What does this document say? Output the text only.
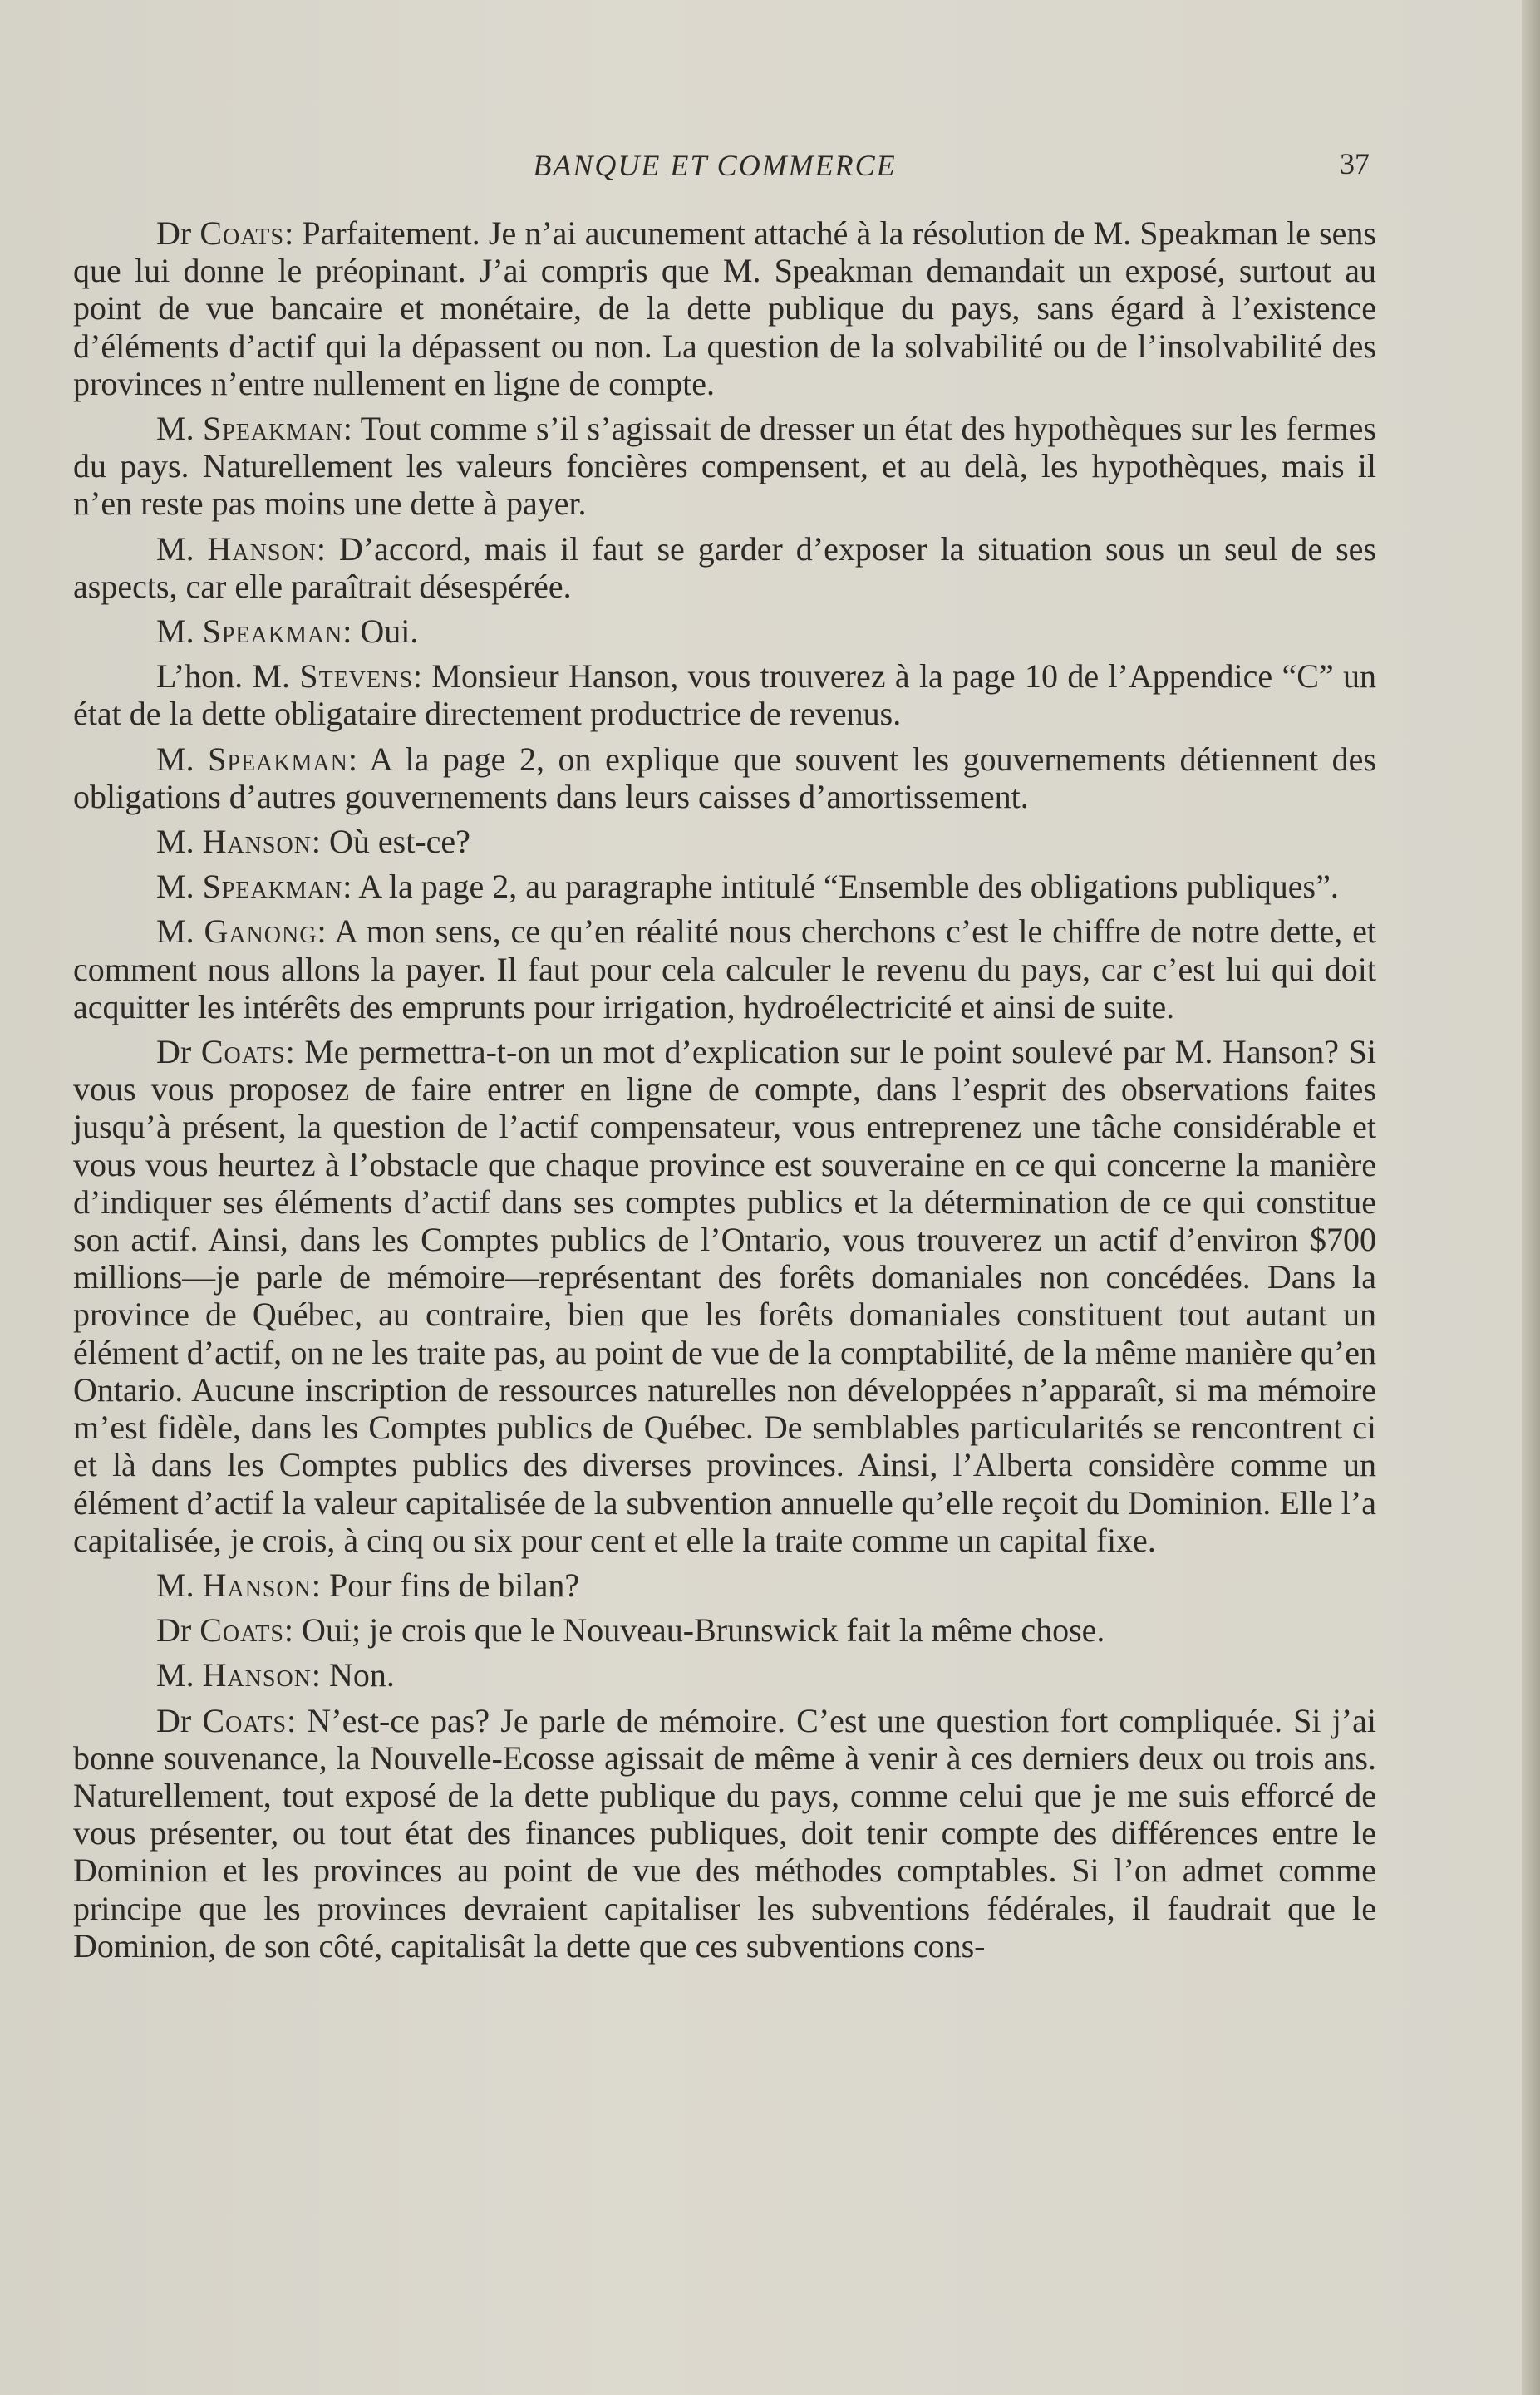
BANQUE ET COMMERCE	37

Dr Coats: Parfaitement. Je n’ai aucunement attaché à la résolution de M. Speakman le sens que lui donne le préopinant. J’ai compris que M. Speakman demandait un exposé, surtout au point de vue bancaire et monétaire, de la dette publique du pays, sans égard à l’existence d’éléments d’actif qui la dépassent ou non. La question de la solvabilité ou de l’insolvabilité des provinces n’entre nullement en ligne de compte.

M. Speakman: Tout comme s’il s’agissait de dresser un état des hypothèques sur les fermes du pays. Naturellement les valeurs foncières compensent, et au delà, les hypothèques, mais il n’en reste pas moins une dette à payer.

M. Hanson: D’accord, mais il faut se garder d’exposer la situation sous un seul de ses aspects, car elle paraîtrait désespérée.

M. Speakman: Oui.

L’hon. M. Stevens: Monsieur Hanson, vous trouverez à la page 10 de l’Appendice “C” un état de la dette obligataire directement productrice de revenus.

M. Speakman: A la page 2, on explique que souvent les gouvernements détiennent des obligations d’autres gouvernements dans leurs caisses d’amortissement.

M. Hanson: Où est-ce?

M. Speakman: A la page 2, au paragraphe intitulé “Ensemble des obligations publiques”.

M. Ganong: A mon sens, ce qu’en réalité nous cherchons c’est le chiffre de notre dette, et comment nous allons la payer. Il faut pour cela calculer le revenu du pays, car c’est lui qui doit acquitter les intérêts des emprunts pour irrigation, hydroélectricité et ainsi de suite.

Dr Coats: Me permettra-t-on un mot d’explication sur le point soulevé par M. Hanson? Si vous vous proposez de faire entrer en ligne de compte, dans l’esprit des observations faites jusqu’à présent, la question de l’actif compensateur, vous entreprenez une tâche considérable et vous vous heurtez à l’obstacle que chaque province est souveraine en ce qui concerne la manière d’indiquer ses éléments d’actif dans ses comptes publics et la détermination de ce qui constitue son actif. Ainsi, dans les Comptes publics de l’Ontario, vous trouverez un actif d’environ $700 millions—je parle de mémoire—représentant des forêts domaniales non concédées. Dans la province de Québec, au contraire, bien que les forêts domaniales constituent tout autant un élément d’actif, on ne les traite pas, au point de vue de la comptabilité, de la même manière qu’en Ontario. Aucune inscription de ressources naturelles non développées n’apparaît, si ma mémoire m’est fidèle, dans les Comptes publics de Québec. De semblables particularités se rencontrent ci et là dans les Comptes publics des diverses provinces. Ainsi, l’Alberta considère comme un élément d’actif la valeur capitalisée de la subvention annuelle qu’elle reçoit du Dominion. Elle l’a capitalisée, je crois, à cinq ou six pour cent et elle la traite comme un capital fixe.

M. Hanson: Pour fins de bilan?

Dr Coats: Oui; je crois que le Nouveau-Brunswick fait la même chose.

M. Hanson: Non.

Dr Coats: N’est-ce pas? Je parle de mémoire. C’est une question fort compliquée. Si j’ai bonne souvenance, la Nouvelle-Ecosse agissait de même à venir à ces derniers deux ou trois ans. Naturellement, tout exposé de la dette publique du pays, comme celui que je me suis efforcé de vous présenter, ou tout état des finances publiques, doit tenir compte des différences entre le Dominion et les provinces au point de vue des méthodes comptables. Si l’on admet comme principe que les provinces devraient capitaliser les subventions fédérales, il faudrait que le Dominion, de son côté, capitalisât la dette que ces subventions cons-
